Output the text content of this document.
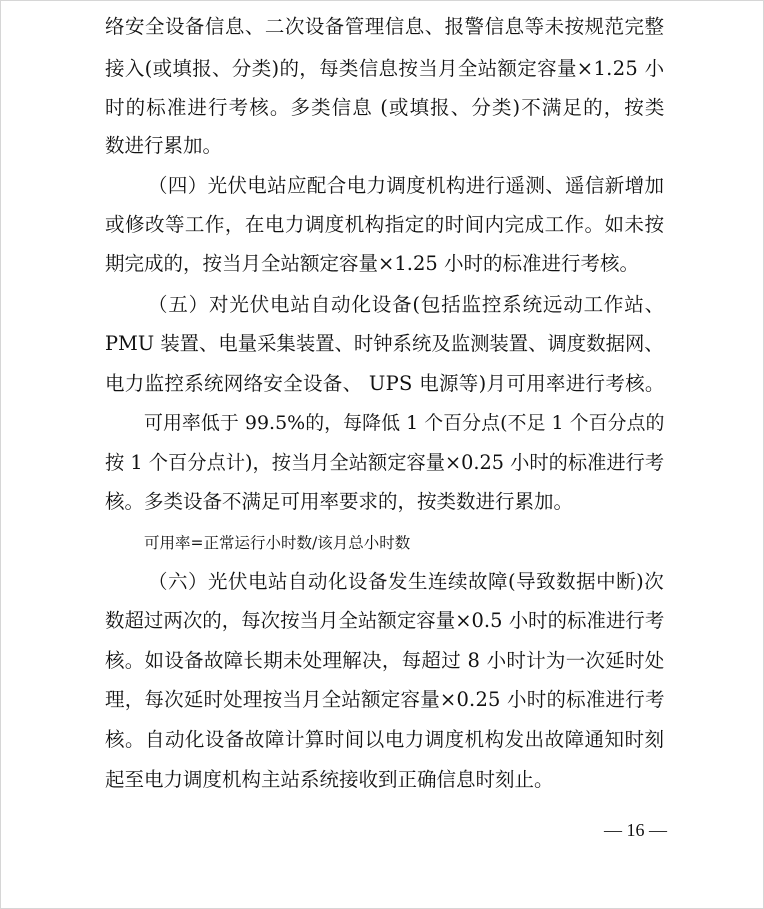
络安全设备信息、二次设备管理信息、报警信息等未按规范完整
接入(或填报、分类)的，每类信息按当月全站额定容量×1.25 小
时的标准进行考核。多类信息 (或填报、分类)不满足的，按类
数进行累加。
（四）光伏电站应配合电力调度机构进行遥测、遥信新增加
或修改等工作，在电力调度机构指定的时间内完成工作。如未按
期完成的，按当月全站额定容量×1.25 小时的标准进行考核。
（五）对光伏电站自动化设备(包括监控系统远动工作站、
PMU 装置、电量采集装置、时钟系统及监测装置、调度数据网、
电力监控系统网络安全设备、 UPS 电源等)月可用率进行考核。
可用率低于 99.5%的，每降低 1 个百分点(不足 1 个百分点的
按 1 个百分点计)，按当月全站额定容量×0.25 小时的标准进行考
核。多类设备不满足可用率要求的，按类数进行累加。
可用率=正常运行小时数/该月总小时数
（六）光伏电站自动化设备发生连续故障(导致数据中断)次
数超过两次的，每次按当月全站额定容量×0.5 小时的标准进行考
核。如设备故障长期未处理解决，每超过 8 小时计为一次延时处
理，每次延时处理按当月全站额定容量×0.25 小时的标准进行考
核。自动化设备故障计算时间以电力调度机构发出故障通知时刻
起至电力调度机构主站系统接收到正确信息时刻止。
— 16 —
